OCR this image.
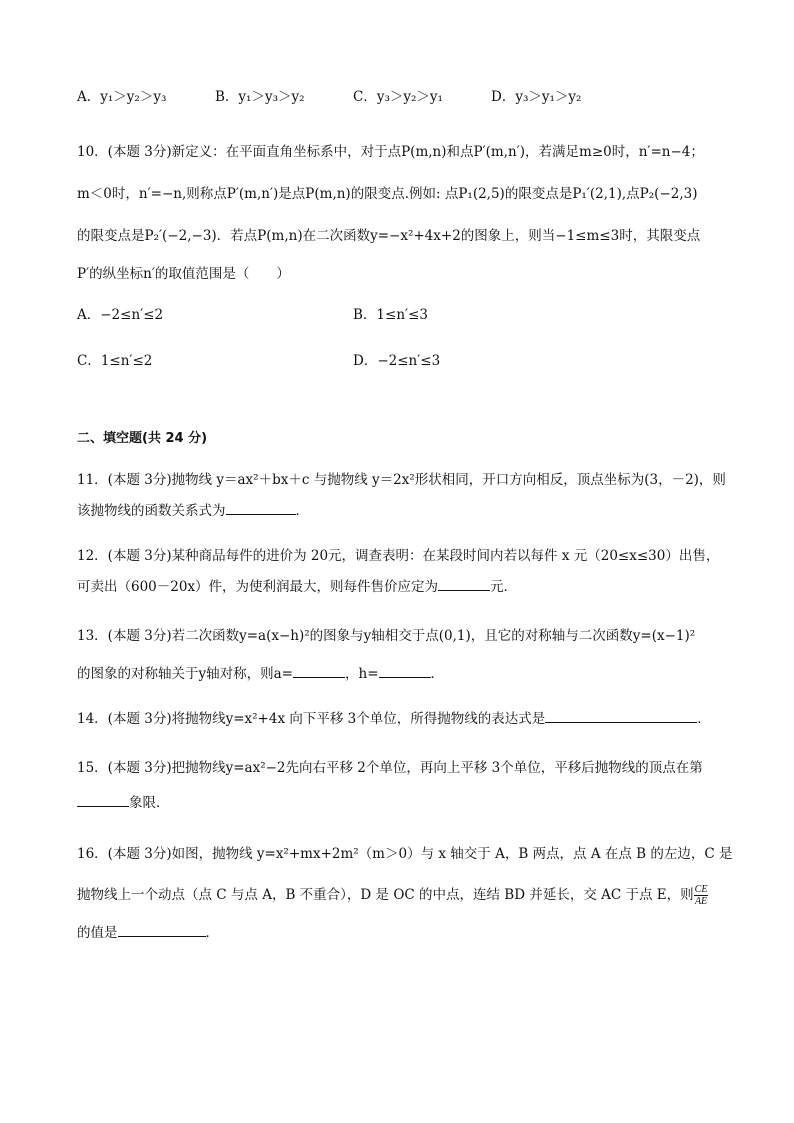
A．y₁＞y₂＞y₃	B．y₁＞y₃＞y₂	C．y₃＞y₂＞y₁	D．y₃＞y₁＞y₂
10．(本题 3分)新定义：在平面直角坐标系中，对于点P(m,n)和点P′(m,n′)，若满足m≥0时，n′=n−4；
m＜0时，n′=−n,则称点P′(m,n′)是点P(m,n)的限变点.例如: 点P₁(2,5)的限变点是P₁′(2,1),点P₂(−2,3)
的限变点是P₂′(−2,−3)．若点P(m,n)在二次函数y=−x²+4x+2的图象上，则当−1≤m≤3时，其限变点
P′的纵坐标n′的取值范围是（　　）
A．−2≤n′≤2	B．1≤n′≤3
C．1≤n′≤2	D．−2≤n′≤3
二、填空题(共 24 分)
11．(本题 3分)抛物线 y＝ax²＋bx＋c 与抛物线 y＝2x²形状相同，开口方向相反，顶点坐标为(3，－2)，则
该抛物线的函数关系式为	．
12．(本题 3分)某种商品每件的进价为 20元，调查表明：在某段时间内若以每件 x 元（20≤x≤30）出售，
可卖出（600－20x）件，为使利润最大，则每件售价应定为	元．
13．(本题 3分)若二次函数y=a(x−h)²的图象与y轴相交于点(0,1)，且它的对称轴与二次函数y=(x−1)²
的图象的对称轴关于y轴对称，则a=	，h=	．
14．(本题 3分)将抛物线y=x²+4x 向下平移 3个单位，所得抛物线的表达式是	．
15．(本题 3分)把抛物线y=ax²−2先向右平移 2个单位，再向上平移 3个单位，平移后抛物线的顶点在第
象限．
16．(本题 3分)如图，抛物线 y=x²+mx+2m²（m＞0）与 x 轴交于 A，B 两点，点 A 在点 B 的左边，C 是
抛物线上一个动点（点 C 与点 A，B 不重合），D 是 OC 的中点，连结 BD 并延长，交 AC 于点 E，则 $\frac{CE}{AE}$
的值是	．
